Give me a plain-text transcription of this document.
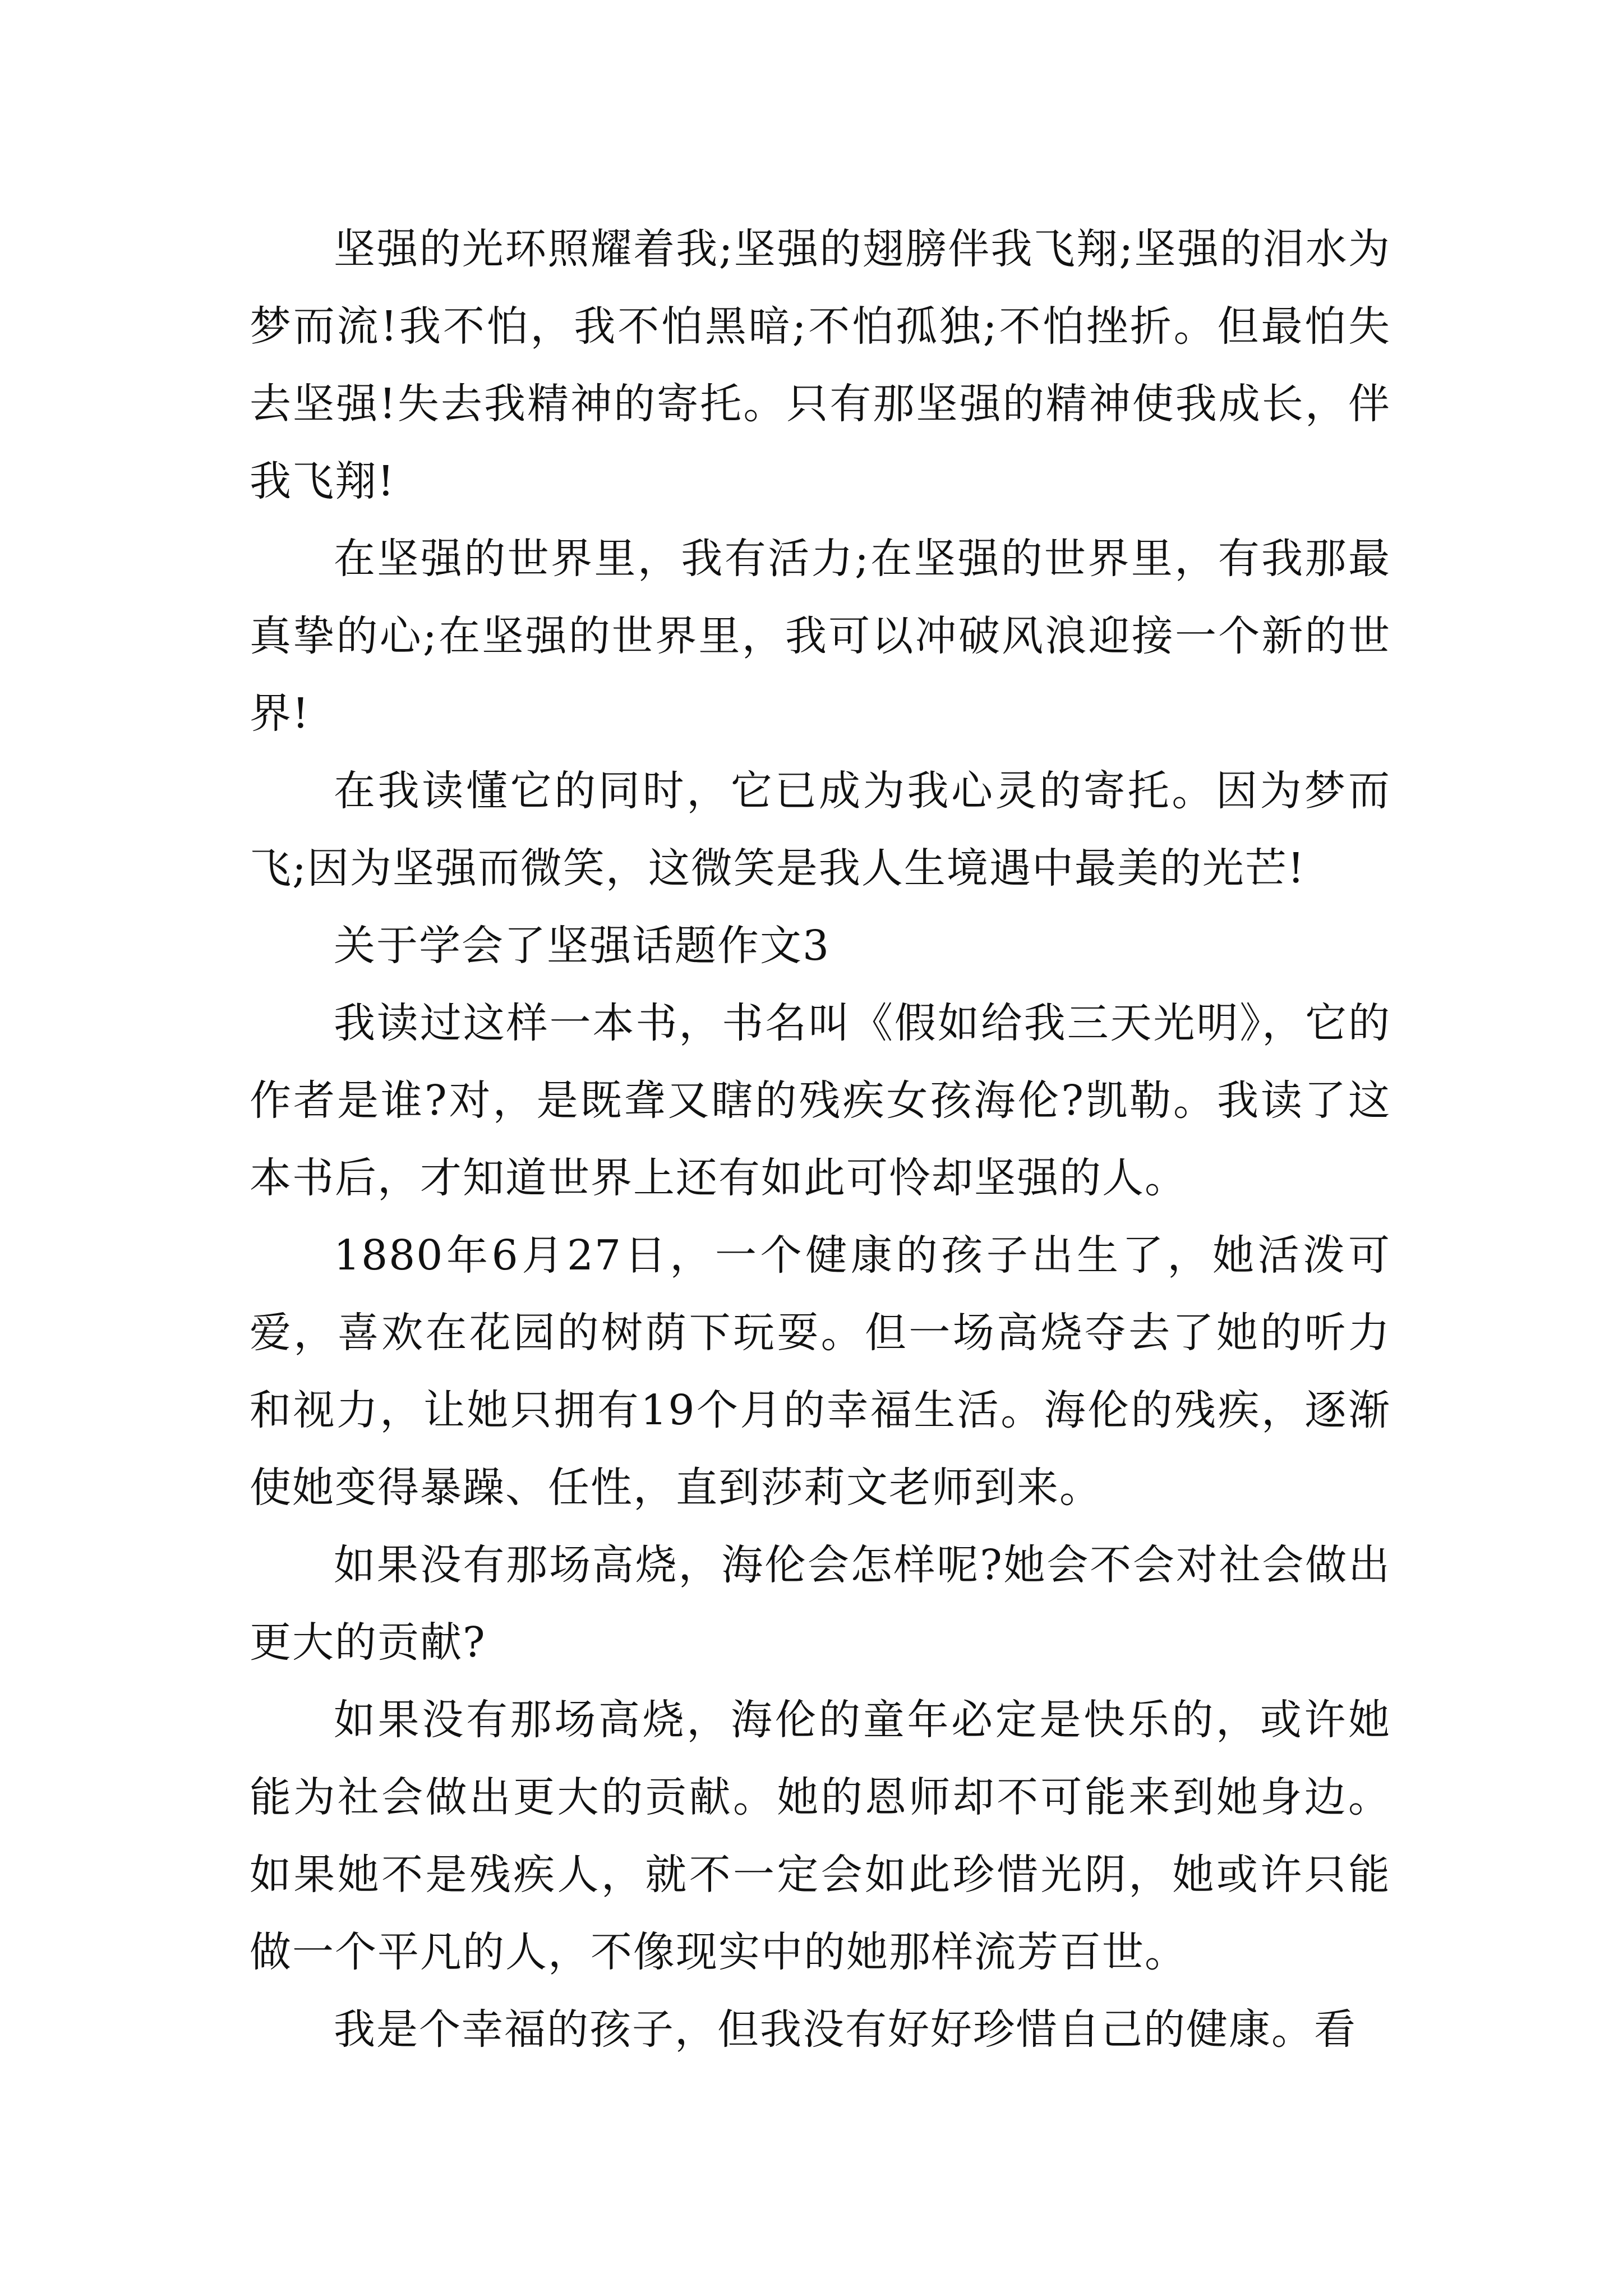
坚强的光环照耀着我;坚强的翅膀伴我飞翔;坚强的泪水为梦而流!我不怕，我不怕黑暗;不怕孤独;不怕挫折。但最怕失去坚强!失去我精神的寄托。只有那坚强的精神使我成长，伴我飞翔!

在坚强的世界里，我有活力;在坚强的世界里，有我那最真挚的心;在坚强的世界里，我可以冲破风浪迎接一个新的世界!

在我读懂它的同时，它已成为我心灵的寄托。因为梦而飞;因为坚强而微笑，这微笑是我人生境遇中最美的光芒!

关于学会了坚强话题作文3

我读过这样一本书，书名叫《假如给我三天光明》，它的作者是谁?对，是既聋又瞎的残疾女孩海伦?凯勒。我读了这本书后，才知道世界上还有如此可怜却坚强的人。

1880年6月27日，一个健康的孩子出生了，她活泼可爱，喜欢在花园的树荫下玩耍。但一场高烧夺去了她的听力和视力，让她只拥有19个月的幸福生活。海伦的残疾，逐渐使她变得暴躁、任性，直到莎莉文老师到来。

如果没有那场高烧，海伦会怎样呢?她会不会对社会做出更大的贡献?

如果没有那场高烧，海伦的童年必定是快乐的，或许她能为社会做出更大的贡献。她的恩师却不可能来到她身边。如果她不是残疾人，就不一定会如此珍惜光阴，她或许只能做一个平凡的人，不像现实中的她那样流芳百世。

我是个幸福的孩子，但我没有好好珍惜自己的健康。看
